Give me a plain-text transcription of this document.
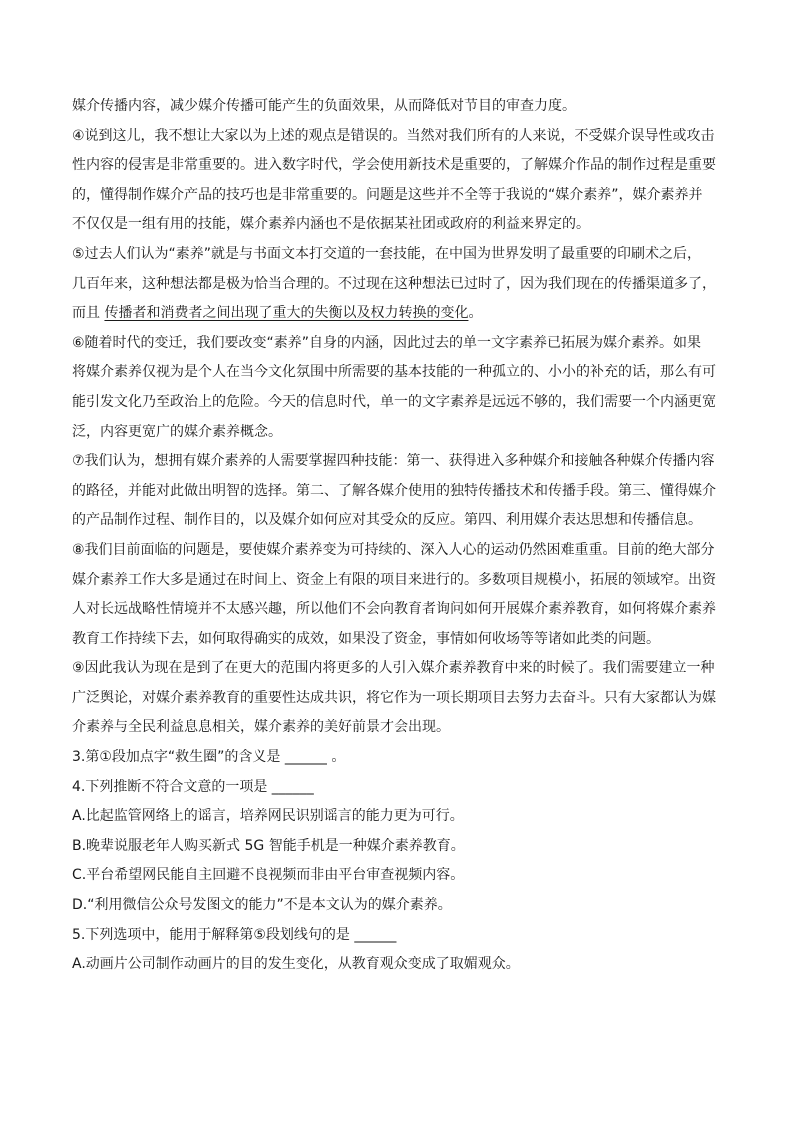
媒介传播内容，减少媒介传播可能产生的负面效果，从而降低对节目的审查力度。
④说到这儿，我不想让大家以为上述的观点是错误的。当然对我们所有的人来说，不受媒介误导性或攻击
性内容的侵害是非常重要的。进入数字时代，学会使用新技术是重要的，了解媒介作品的制作过程是重要
的，懂得制作媒介产品的技巧也是非常重要的。问题是这些并不全等于我说的“媒介素养”，媒介素养并
不仅仅是一组有用的技能，媒介素养内涵也不是依据某社团或政府的利益来界定的。
⑤过去人们认为“素养”就是与书面文本打交道的一套技能，在中国为世界发明了最重要的印刷术之后，
几百年来，这种想法都是极为恰当合理的。不过现在这种想法已过时了，因为我们现在的传播渠道多了，
而且 传播者和消费者之间出现了重大的失衡以及权力转换的变化。
⑥随着时代的变迁，我们要改变“素养”自身的内涵，因此过去的单一文字素养已拓展为媒介素养。如果
将媒介素养仅视为是个人在当今文化氛围中所需要的基本技能的一种孤立的、小小的补充的话，那么有可
能引发文化乃至政治上的危险。今天的信息时代，单一的文字素养是远远不够的，我们需要一个内涵更宽
泛，内容更宽广的媒介素养概念。
⑦我们认为，想拥有媒介素养的人需要掌握四种技能：第一、获得进入多种媒介和接触各种媒介传播内容
的路径，并能对此做出明智的选择。第二、了解各媒介使用的独特传播技术和传播手段。第三、懂得媒介
的产品制作过程、制作目的，以及媒介如何应对其受众的反应。第四、利用媒介表达思想和传播信息。
⑧我们目前面临的问题是，要使媒介素养变为可持续的、深入人心的运动仍然困难重重。目前的绝大部分
媒介素养工作大多是通过在时间上、资金上有限的项目来进行的。多数项目规模小，拓展的领域窄。出资
人对长远战略性情境并不太感兴趣，所以他们不会向教育者询问如何开展媒介素养教育，如何将媒介素养
教育工作持续下去，如何取得确实的成效，如果没了资金，事情如何收场等等诸如此类的问题。
⑨因此我认为现在是到了在更大的范围内将更多的人引入媒介素养教育中来的时候了。我们需要建立一种
广泛舆论，对媒介素养教育的重要性达成共识，将它作为一项长期项目去努力去奋斗。只有大家都认为媒
介素养与全民利益息息相关，媒介素养的美好前景才会出现。
3.第①段加点字“救生圈”的含义是 ______ 。
4.下列推断不符合文意的一项是 ______
A.比起监管网络上的谣言，培养网民识别谣言的能力更为可行。
B.晚辈说服老年人购买新式 5G 智能手机是一种媒介素养教育。
C.平台希望网民能自主回避不良视频而非由平台审查视频内容。
D.“利用微信公众号发图文的能力”不是本文认为的媒介素养。
5.下列选项中，能用于解释第⑤段划线句的是 ______
A.动画片公司制作动画片的目的发生变化，从教育观众变成了取媚观众。
